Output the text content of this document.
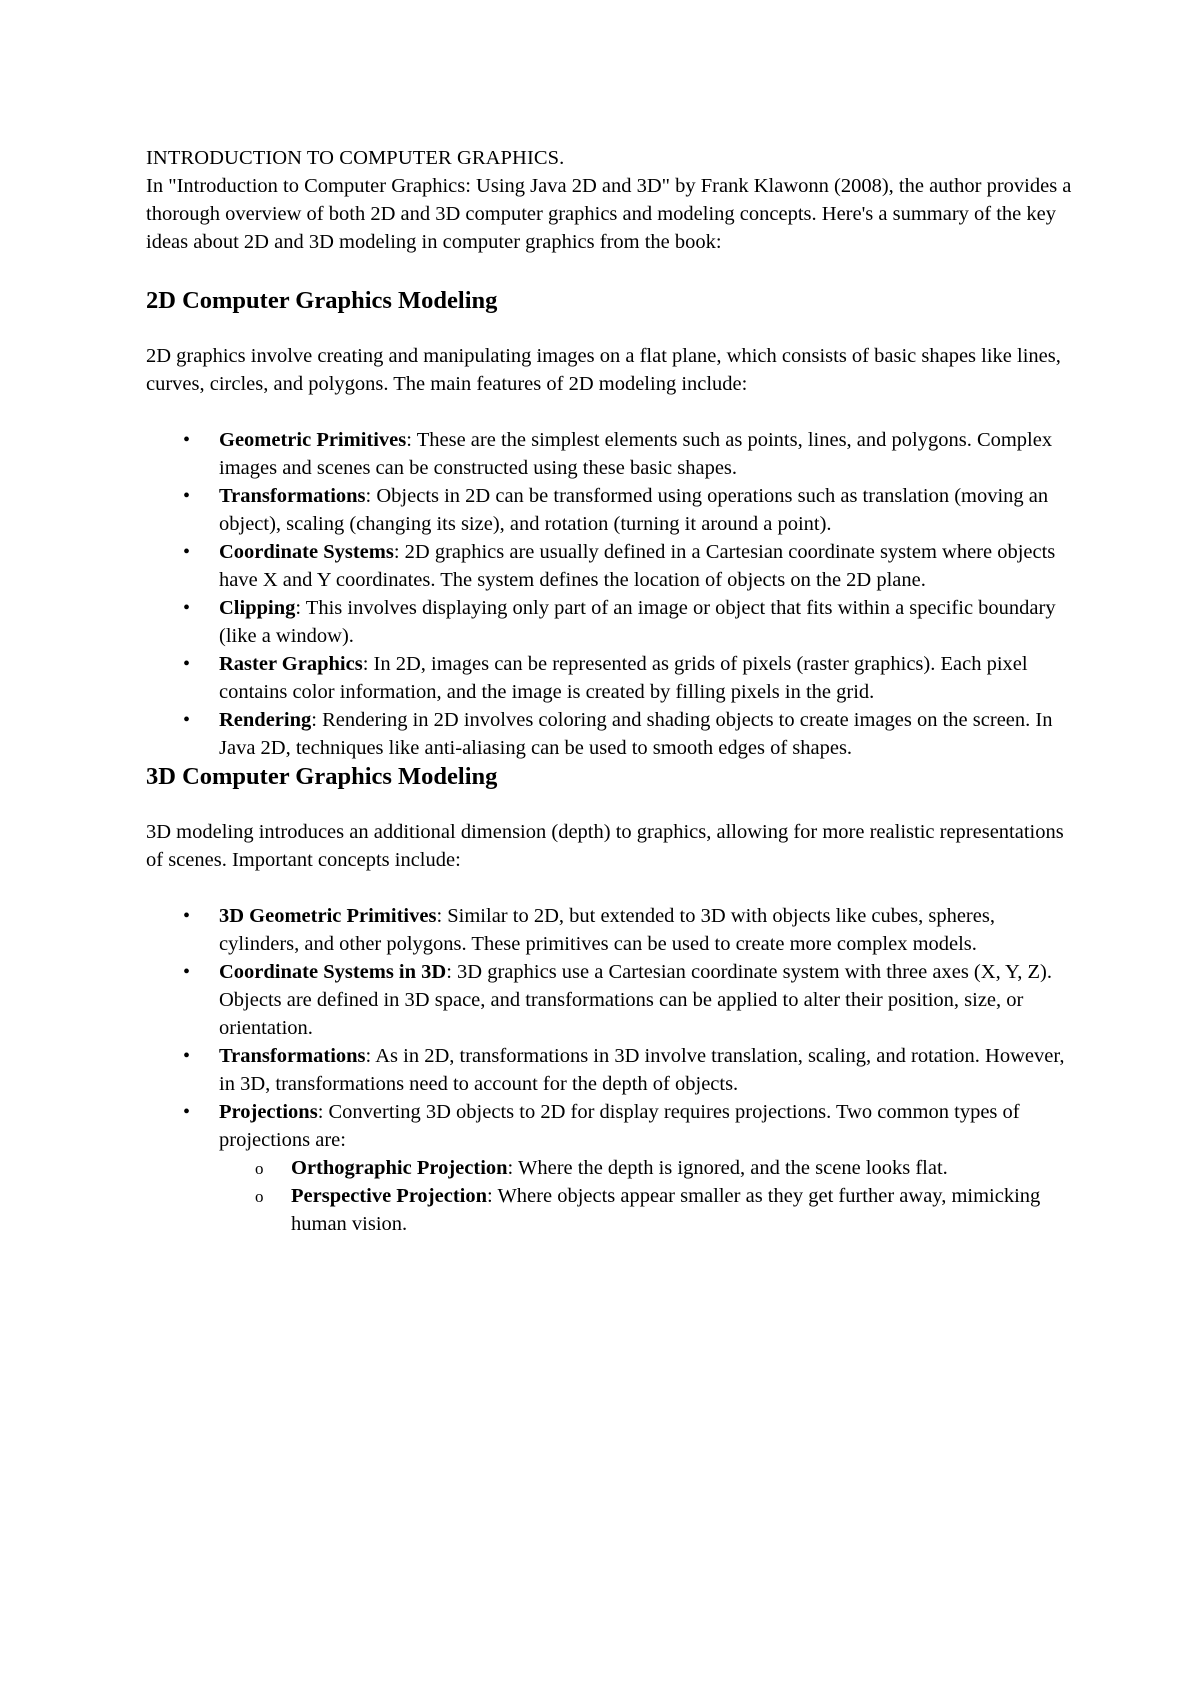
INTRODUCTION TO COMPUTER GRAPHICS.

In "Introduction to Computer Graphics: Using Java 2D and 3D" by Frank Klawonn (2008), the author provides a thorough overview of both 2D and 3D computer graphics and modeling concepts. Here's a summary of the key ideas about 2D and 3D modeling in computer graphics from the book:

2D Computer Graphics Modeling

2D graphics involve creating and manipulating images on a flat plane, which consists of basic shapes like lines, curves, circles, and polygons. The main features of 2D modeling include:

• Geometric Primitives: These are the simplest elements such as points, lines, and polygons. Complex images and scenes can be constructed using these basic shapes.
• Transformations: Objects in 2D can be transformed using operations such as translation (moving an object), scaling (changing its size), and rotation (turning it around a point).
• Coordinate Systems: 2D graphics are usually defined in a Cartesian coordinate system where objects have X and Y coordinates. The system defines the location of objects on the 2D plane.
• Clipping: This involves displaying only part of an image or object that fits within a specific boundary (like a window).
• Raster Graphics: In 2D, images can be represented as grids of pixels (raster graphics). Each pixel contains color information, and the image is created by filling pixels in the grid.
• Rendering: Rendering in 2D involves coloring and shading objects to create images on the screen. In Java 2D, techniques like anti-aliasing can be used to smooth edges of shapes.
3D Computer Graphics Modeling

3D modeling introduces an additional dimension (depth) to graphics, allowing for more realistic representations of scenes. Important concepts include:

• 3D Geometric Primitives: Similar to 2D, but extended to 3D with objects like cubes, spheres, cylinders, and other polygons. These primitives can be used to create more complex models.
• Coordinate Systems in 3D: 3D graphics use a Cartesian coordinate system with three axes (X, Y, Z). Objects are defined in 3D space, and transformations can be applied to alter their position, size, or orientation.
• Transformations: As in 2D, transformations in 3D involve translation, scaling, and rotation. However, in 3D, transformations need to account for the depth of objects.
• Projections: Converting 3D objects to 2D for display requires projections. Two common types of projections are:
o Orthographic Projection: Where the depth is ignored, and the scene looks flat.
o Perspective Projection: Where objects appear smaller as they get further away, mimicking human vision.
